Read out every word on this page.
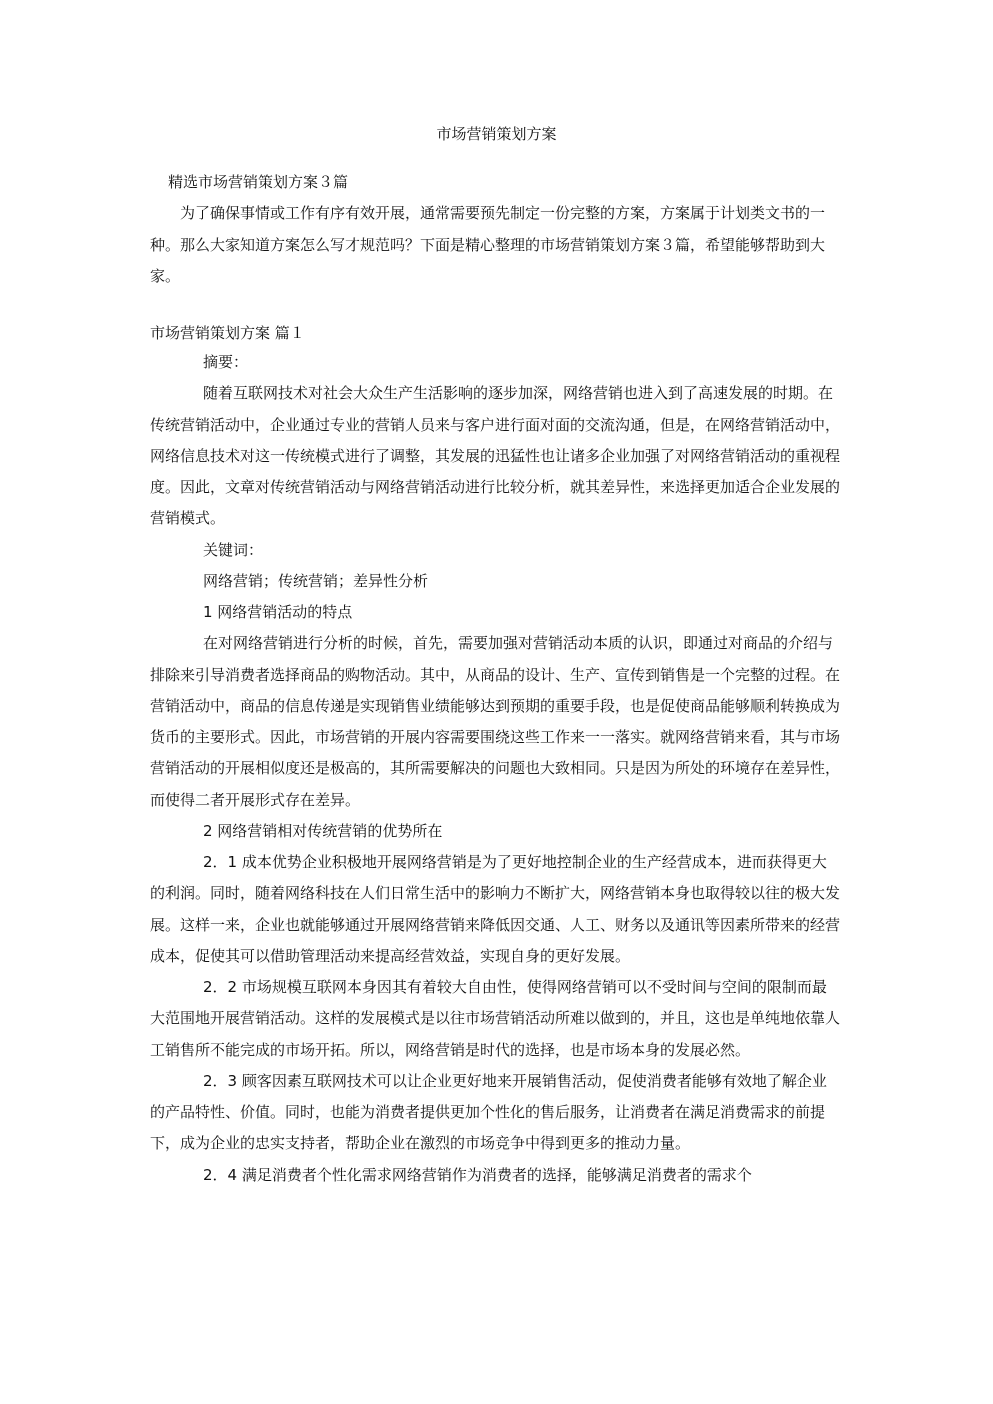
市场营销策划方案
精选市场营销策划方案３篇

为了确保事情或工作有序有效开展，通常需要预先制定一份完整的方案，方案属于计划类文书的一种。那么大家知道方案怎么写才规范吗？下面是精心整理的市场营销策划方案３篇，希望能够帮助到大家。

市场营销策划方案 篇１

摘要：

随着互联网技术对社会大众生产生活影响的逐步加深，网络营销也进入到了高速发展的时期。在传统营销活动中，企业通过专业的营销人员来与客户进行面对面的交流沟通，但是，在网络营销活动中，网络信息技术对这一传统模式进行了调整，其发展的迅猛性也让诸多企业加强了对网络营销活动的重视程度。因此，文章对传统营销活动与网络营销活动进行比较分析，就其差异性，来选择更加适合企业发展的营销模式。

关键词：

网络营销；传统营销；差异性分析

1 网络营销活动的特点

在对网络营销进行分析的时候，首先，需要加强对营销活动本质的认识，即通过对商品的介绍与排除来引导消费者选择商品的购物活动。其中，从商品的设计、生产、宣传到销售是一个完整的过程。在营销活动中，商品的信息传递是实现销售业绩能够达到预期的重要手段，也是促使商品能够顺利转换成为货币的主要形式。因此，市场营销的开展内容需要围绕这些工作来一一落实。就网络营销来看，其与市场营销活动的开展相似度还是极高的，其所需要解决的问题也大致相同。只是因为所处的环境存在差异性，而使得二者开展形式存在差异。

2 网络营销相对传统营销的优势所在

2．1 成本优势企业积极地开展网络营销是为了更好地控制企业的生产经营成本，进而获得更大的利润。同时，随着网络科技在人们日常生活中的影响力不断扩大，网络营销本身也取得较以往的极大发展。这样一来，企业也就能够通过开展网络营销来降低因交通、人工、财务以及通讯等因素所带来的经营成本，促使其可以借助管理活动来提高经营效益，实现自身的更好发展。

2．2 市场规模互联网本身因其有着较大自由性，使得网络营销可以不受时间与空间的限制而最大范围地开展营销活动。这样的发展模式是以往市场营销活动所难以做到的，并且，这也是单纯地依靠人工销售所不能完成的市场开拓。所以，网络营销是时代的选择，也是市场本身的发展必然。

2．3 顾客因素互联网技术可以让企业更好地来开展销售活动，促使消费者能够有效地了解企业的产品特性、价值。同时，也能为消费者提供更加个性化的售后服务，让消费者在满足消费需求的前提下，成为企业的忠实支持者，帮助企业在激烈的市场竞争中得到更多的推动力量。

2．4 满足消费者个性化需求网络营销作为消费者的选择，能够满足消费者的需求个
